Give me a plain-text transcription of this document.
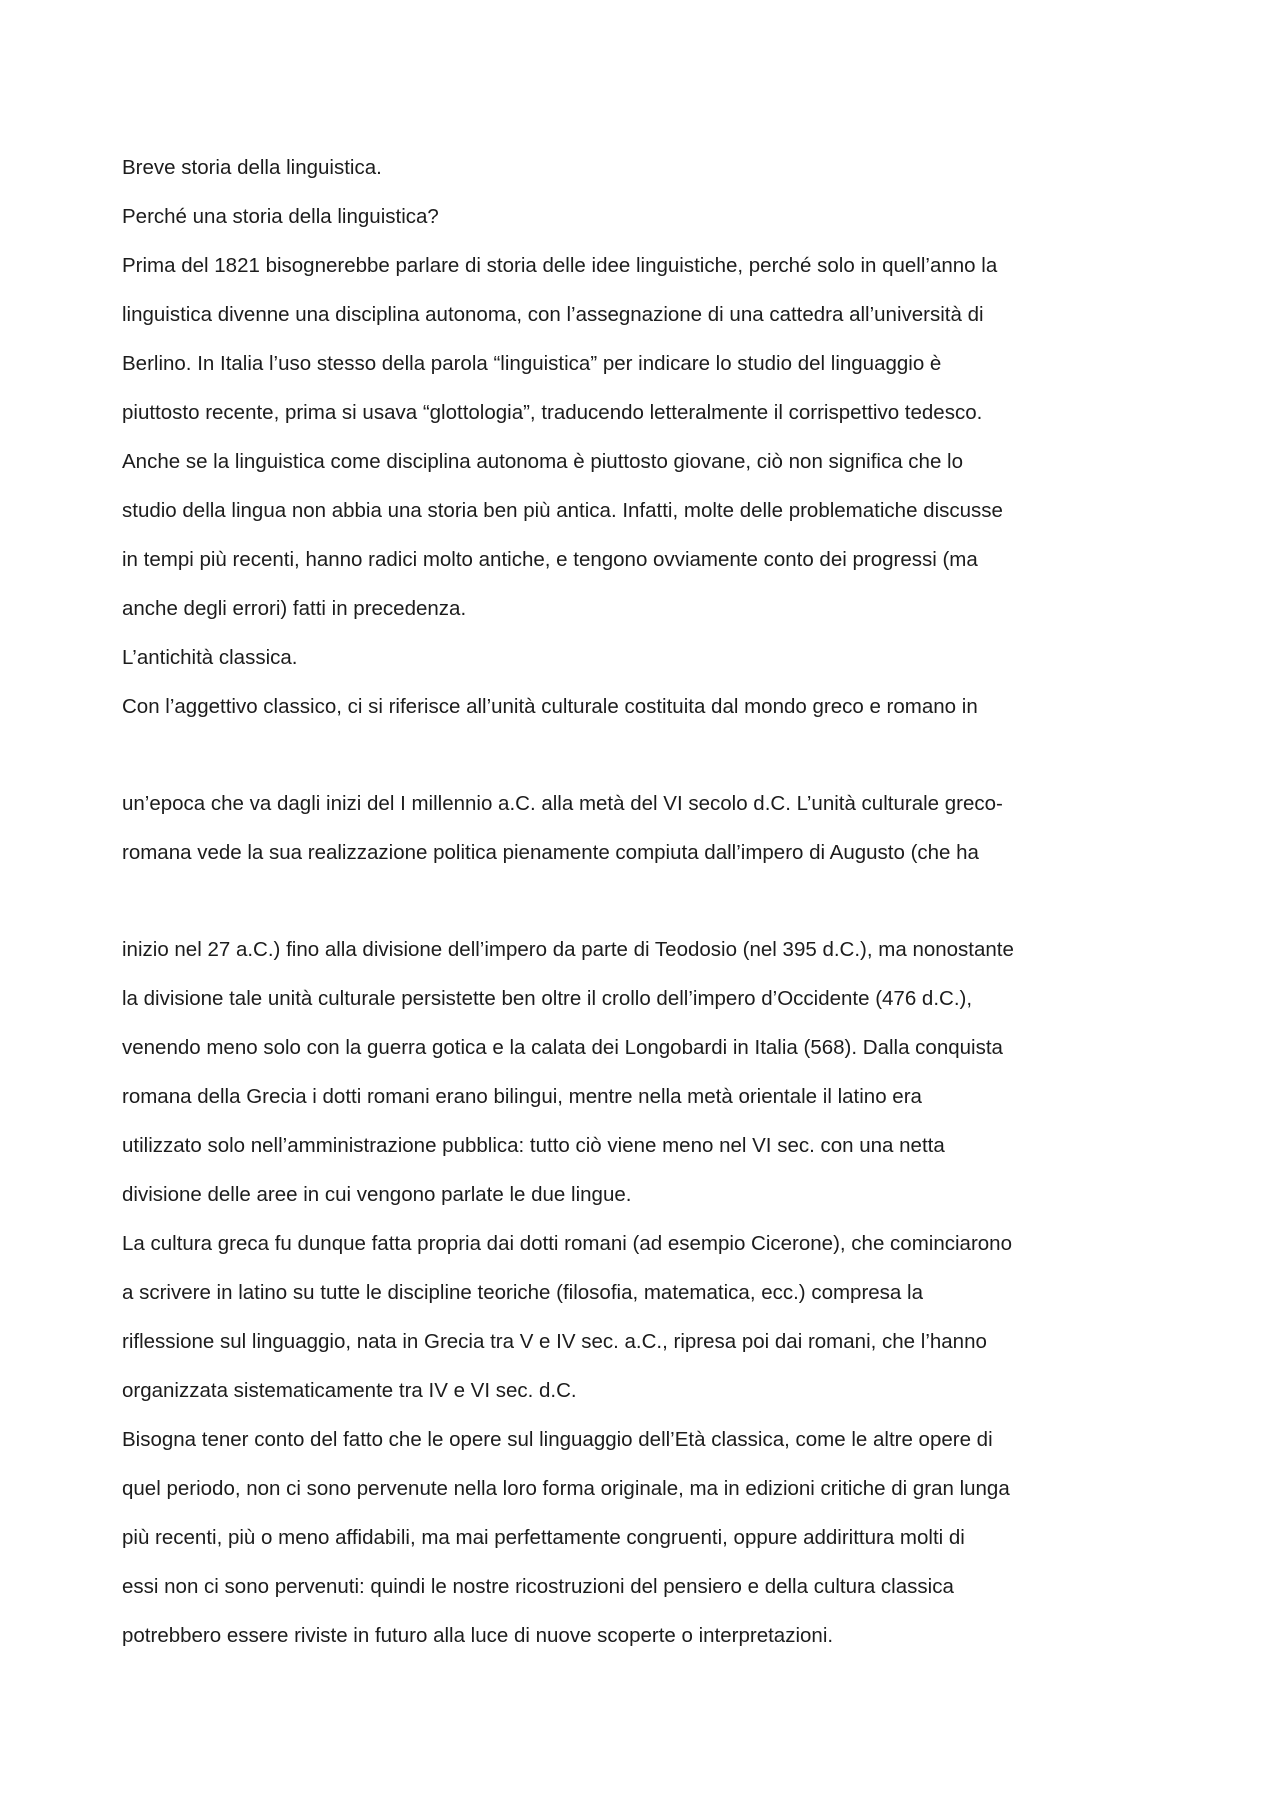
Breve storia della linguistica.

Perché una storia della linguistica?

Prima del 1821 bisognerebbe parlare di storia delle idee linguistiche, perché solo in quell’anno la

linguistica divenne una disciplina autonoma, con l’assegnazione di una cattedra all’università di

Berlino. In Italia l’uso stesso della parola “linguistica” per indicare lo studio del linguaggio è

piuttosto recente, prima si usava “glottologia”, traducendo letteralmente il corrispettivo tedesco.

Anche se la linguistica come disciplina autonoma è piuttosto giovane, ciò non significa che lo

studio della lingua non abbia una storia ben più antica. Infatti, molte delle problematiche discusse

in tempi più recenti, hanno radici molto antiche, e tengono ovviamente conto dei progressi (ma

anche degli errori) fatti in precedenza.

L’antichità classica.

Con l’aggettivo classico, ci si riferisce all’unità culturale costituita dal mondo greco e romano in

un’epoca che va dagli inizi del I millennio a.C. alla metà del VI secolo d.C. L’unità culturale greco-

romana vede la sua realizzazione politica pienamente compiuta dall’impero di Augusto (che ha

inizio nel 27 a.C.) fino alla divisione dell’impero da parte di Teodosio (nel 395 d.C.), ma nonostante

la divisione tale unità culturale persistette ben oltre il crollo dell’impero d’Occidente (476 d.C.),

venendo meno solo con la guerra gotica e la calata dei Longobardi in Italia (568). Dalla conquista

romana della Grecia i dotti romani erano bilingui, mentre nella metà orientale il latino era

utilizzato solo nell’amministrazione pubblica: tutto ciò viene meno nel VI sec. con una netta

divisione delle aree in cui vengono parlate le due lingue.

La cultura greca fu dunque fatta propria dai dotti romani (ad esempio Cicerone), che cominciarono

a scrivere in latino su tutte le discipline teoriche (filosofia, matematica, ecc.) compresa la

riflessione sul linguaggio, nata in Grecia tra V e IV sec. a.C., ripresa poi dai romani, che l’hanno

organizzata sistematicamente tra IV e VI sec. d.C.

Bisogna tener conto del fatto che le opere sul linguaggio dell’Età classica, come le altre opere di

quel periodo, non ci sono pervenute nella loro forma originale, ma in edizioni critiche di gran lunga

più recenti, più o meno affidabili, ma mai perfettamente congruenti, oppure addirittura molti di

essi non ci sono pervenuti: quindi le nostre ricostruzioni del pensiero e della cultura classica

potrebbero essere riviste in futuro alla luce di nuove scoperte o interpretazioni.
